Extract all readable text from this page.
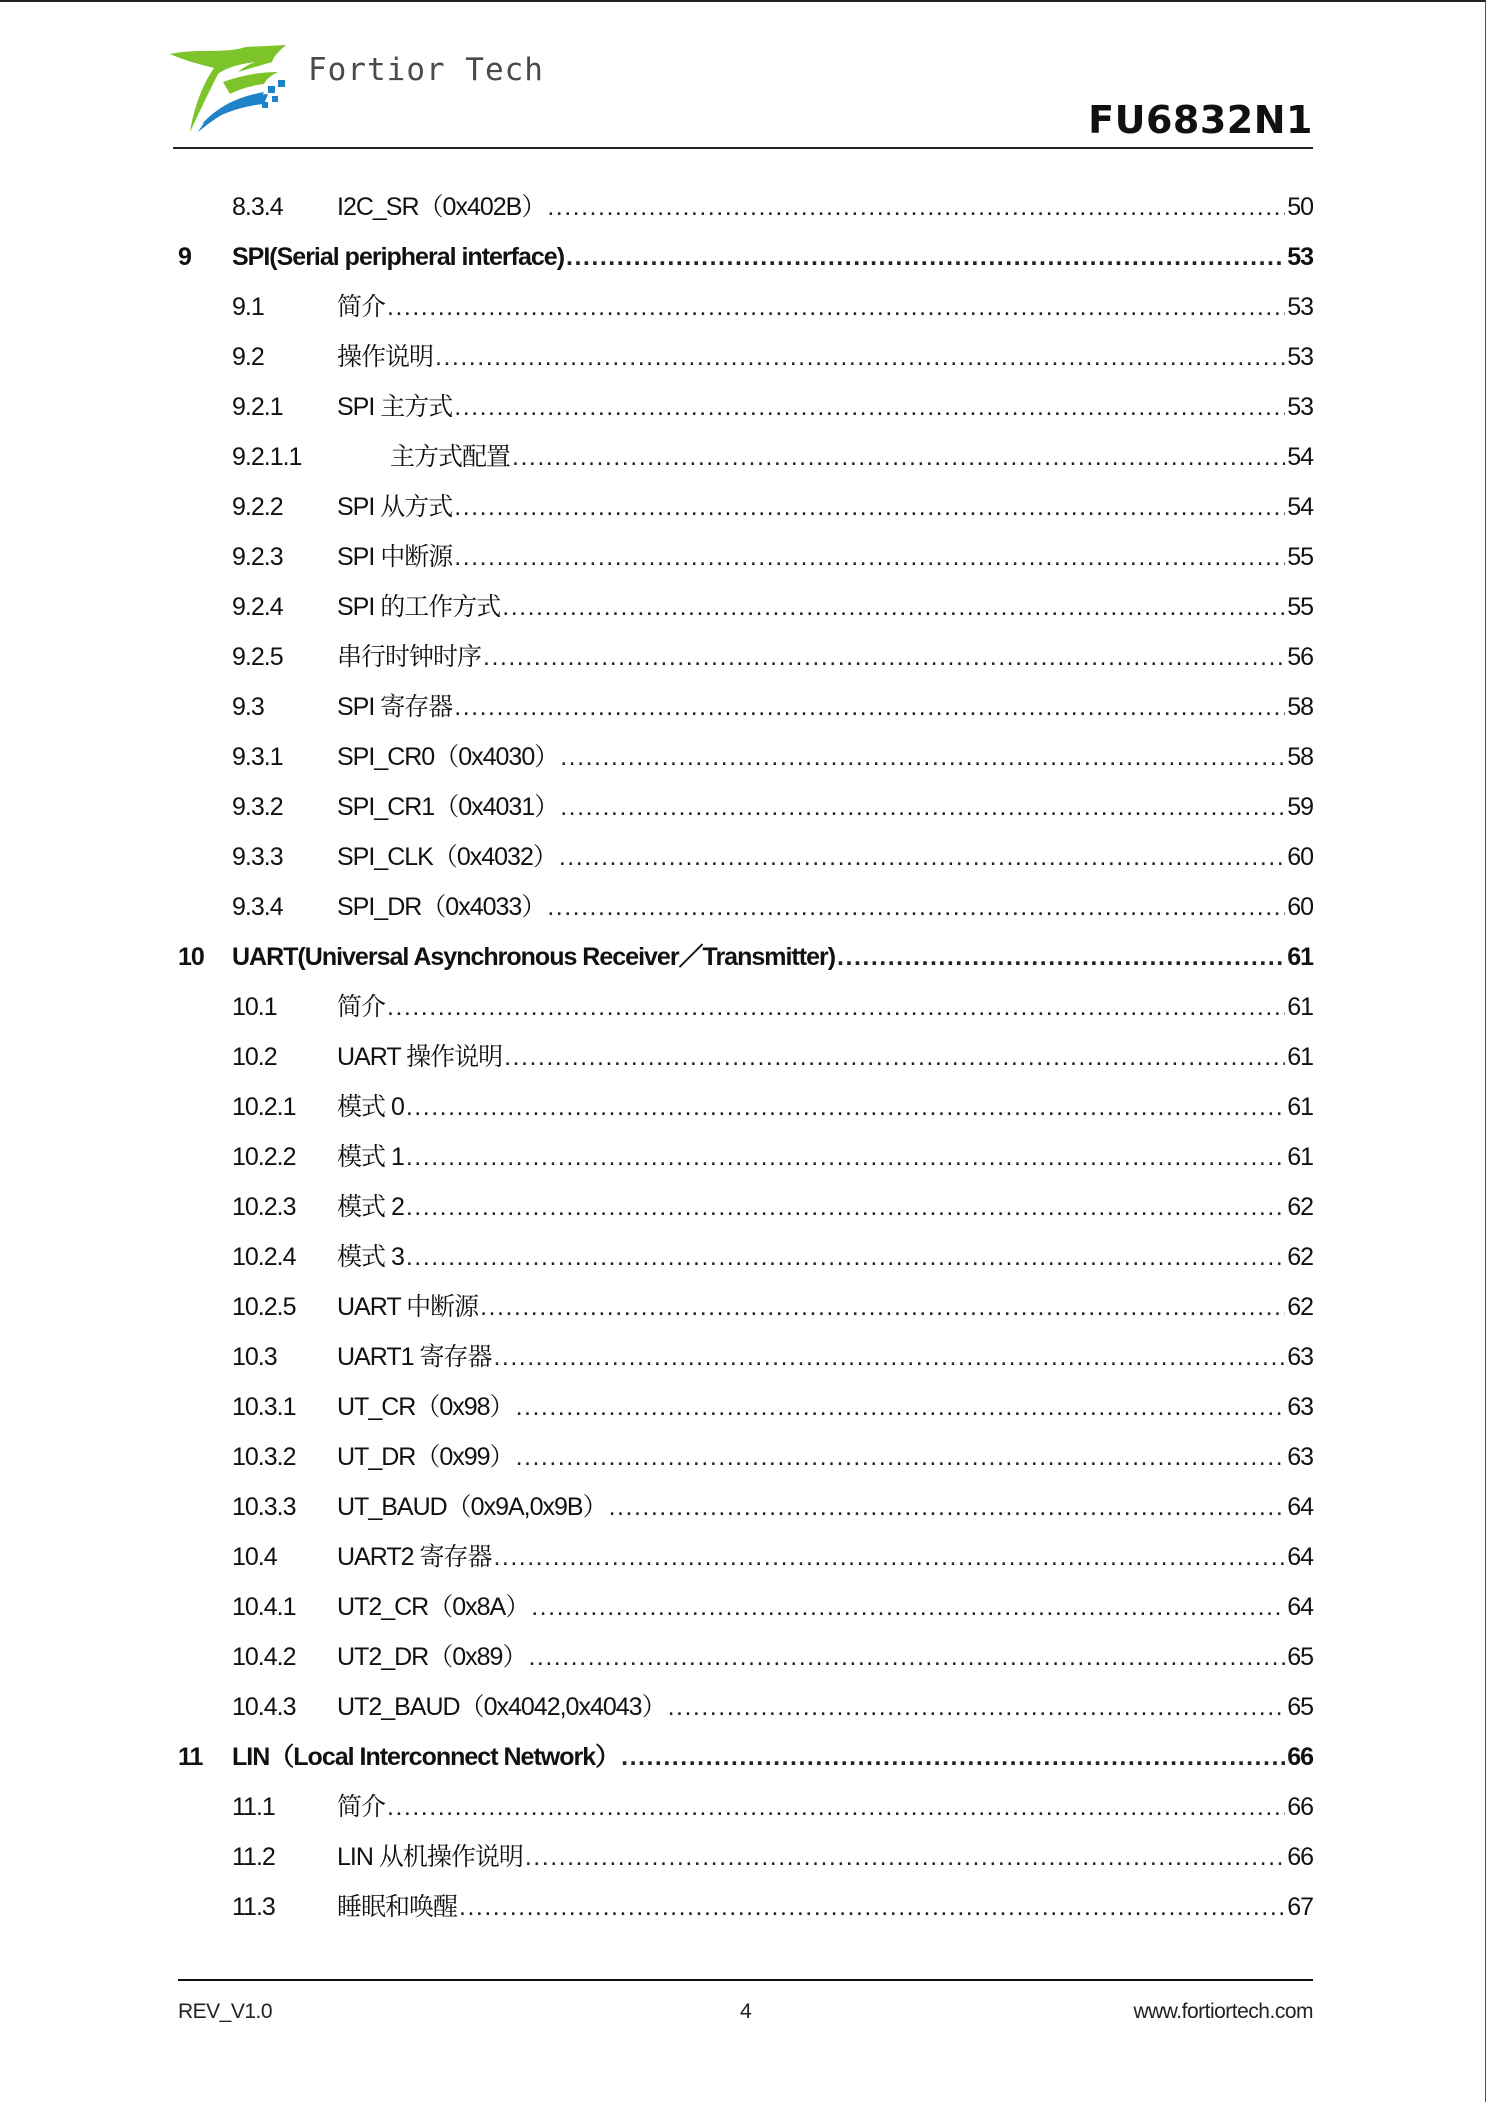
Fortior Tech
FU6832N1
8.3.4 I2C_SR（0x402B） .....	50
9 SPI(Serial peripheral interface) .....	53
9.1	简介 .....	53
9.2	操作说明 .....	53
9.2.1 SPI 主方式 .....	53
9.2.1.1	主方式配置 .....	54
9.2.2 SPI 从方式 .....	54
9.2.3 SPI 中断源 .....	55
9.2.4 SPI 的工作方式 .....	55
9.2.5 串行时钟时序 .....	56
9.3	SPI 寄存器 .....	58
9.3.1 SPI_CR0（0x4030） .....	58
9.3.2 SPI_CR1（0x4031） .....	59
9.3.3 SPI_CLK（0x4032） .....	60
9.3.4 SPI_DR（0x4033） .....	60
10 UART(Universal Asynchronous Receiver／Transmitter) .....	61
10.1 简介 .....	61
10.2 UART 操作说明 .....	61
10.2.1 模式 0 .....	61
10.2.2 模式 1 .....	61
10.2.3 模式 2 .....	62
10.2.4 模式 3 .....	62
10.2.5 UART 中断源 .....	62
10.3 UART1 寄存器 .....	63
10.3.1 UT_CR（0x98） .....	63
10.3.2 UT_DR（0x99） .....	63
10.3.3 UT_BAUD（0x9A,0x9B） .....	64
10.4 UART2 寄存器 .....	64
10.4.1 UT2_CR（0x8A） .....	64
10.4.2 UT2_DR（0x89） .....	65
10.4.3 UT2_BAUD（0x4042,0x4043） .....	65
11 LIN（Local Interconnect Network） .....	66
11.1 简介 .....	66
11.2 LIN 从机操作说明 .....	66
11.3 睡眠和唤醒 .....	67
REV_V1.0	4	www.fortiortech.com
